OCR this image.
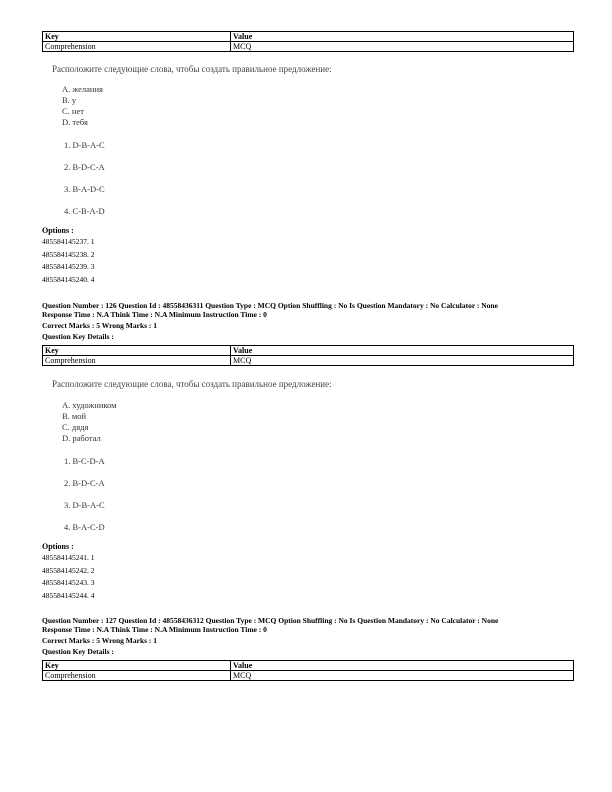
Key	Value
Comprehension	MCQ
Расположите следующие слова, чтобы создать правильное предложение:
A. желания
B. у
C. нет
D. тебя
1. D-B-A-C
2. B-D-C-A
3. B-A-D-C
4. C-B-A-D
Options :
485584145237. 1
485584145238. 2
485584145239. 3
485584145240. 4
Question Number : 126 Question Id : 48558436311 Question Type : MCQ Option Shuffling : No Is Question Mandatory : No Calculator : None
Response Time : N.A Think Time : N.A Minimum Instruction Time : 0
Correct Marks : 5 Wrong Marks : 1
Question Key Details :
Key	Value
Comprehension	MCQ
Расположите следующие слова, чтобы создать правильное предложение:
A. художником
B. мой
C. дядя
D. работал
1. B-C-D-A
2. B-D-C-A
3. D-B-A-C
4. B-A-C-D
Options :
485584145241. 1
485584145242. 2
485584145243. 3
485584145244. 4
Question Number : 127 Question Id : 48558436312 Question Type : MCQ Option Shuffling : No Is Question Mandatory : No Calculator : None
Response Time : N.A Think Time : N.A Minimum Instruction Time : 0
Correct Marks : 5 Wrong Marks : 1
Question Key Details :
Key	Value
Comprehension	MCQ
